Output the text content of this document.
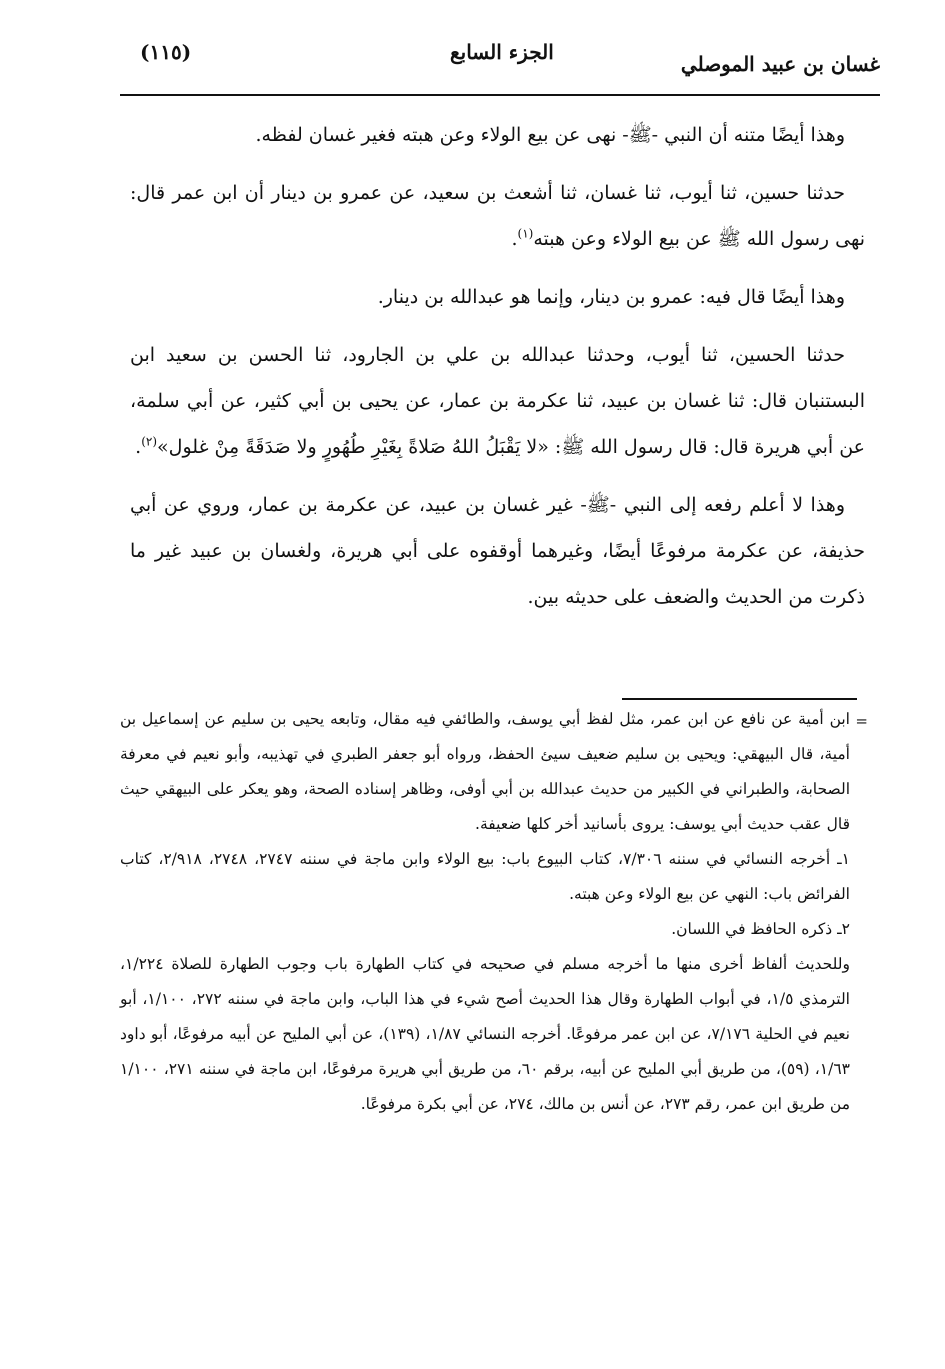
غسان بن عبيد الموصلي
الجزء السابع
(١١٥)

وهذا أيضًا متنه أن النبي -ﷺ- نهى عن بيع الولاء وعن هبته فغير غسان لفظه.

حدثنا حسين، ثنا أيوب، ثنا غسان، ثنا أشعث بن سعيد، عن عمرو بن دينار أن ابن عمر قال: نهى رسول الله ﷺ عن بيع الولاء وعن هبته$^{(١)}$.

وهذا أيضًا قال فيه: عمرو بن دينار، وإنما هو عبدالله بن دينار.

حدثنا الحسين، ثنا أيوب، وحدثنا عبدالله بن علي بن الجارود، ثنا الحسن بن سعيد ابن البستنبان قال: ثنا غسان بن عبيد، ثنا عكرمة بن عمار، عن يحيى بن أبي كثير، عن أبي سلمة، عن أبي هريرة قال: قال رسول الله ﷺ: «لا يَقْبَلُ اللهُ صَلاةً بِغَيْرِ طُهُورٍ ولا صَدَقَةً مِنْ غلول»$^{(٢)}$.

وهذا لا أعلم رفعه إلى النبي -ﷺ- غير غسان بن عبيد، عن عكرمة بن عمار، وروي عن أبي حذيفة، عن عكرمة مرفوعًا أيضًا، وغيرهما أوقفوه على أبي هريرة، ولغسان بن عبيد غير ما ذكرت من الحديث والضعف على حديثه بين.

=

ابن أمية عن نافع عن ابن عمر، مثل لفظ أبي يوسف، والطائفي فيه مقال، وتابعه يحيى بن سليم عن إسماعيل بن أمية، قال البيهقي: ويحيى بن سليم ضعيف سيئ الحفظ، ورواه أبو جعفر الطبري في تهذيبه، وأبو نعيم في معرفة الصحابة، والطبراني في الكبير من حديث عبدالله بن أبي أوفى، وظاهر إسناده الصحة، وهو يعكر على البيهقي حيث قال عقب حديث أبي يوسف: يروى بأسانيد أخر كلها ضعيفة.

١ـ أخرجه النسائي في سننه ٧/٣٠٦، كتاب البيوع باب: بيع الولاء وابن ماجة في سننه ٢٧٤٧، ٢٧٤٨، ٢/٩١٨، كتاب الفرائض باب: النهي عن بيع الولاء وعن هبته.

٢ـ ذكره الحافظ في اللسان.

وللحديث ألفاظ أخرى منها ما أخرجه مسلم في صحيحه في كتاب الطهارة باب وجوب الطهارة للصلاة ١/٢٢٤، الترمذي ١/٥، في أبواب الطهارة وقال هذا الحديث أصح شيء في هذا الباب، وابن ماجة في سننه ٢٧٢، ١/١٠٠، أبو نعيم في الحلية ٧/١٧٦، عن ابن عمر مرفوعًا. أخرجه النسائي ١/٨٧، (١٣٩)، عن أبي المليح عن أبيه مرفوعًا، أبو داود ١/٦٣، (٥٩)، من طريق أبي المليح عن أبيه، برقم ٦٠، من طريق أبي هريرة مرفوعًا، ابن ماجة في سننه ٢٧١، ١/١٠٠ من طريق ابن عمر، رقم ٢٧٣، عن أنس بن مالك، ٢٧٤، عن أبي بكرة مرفوعًا.
